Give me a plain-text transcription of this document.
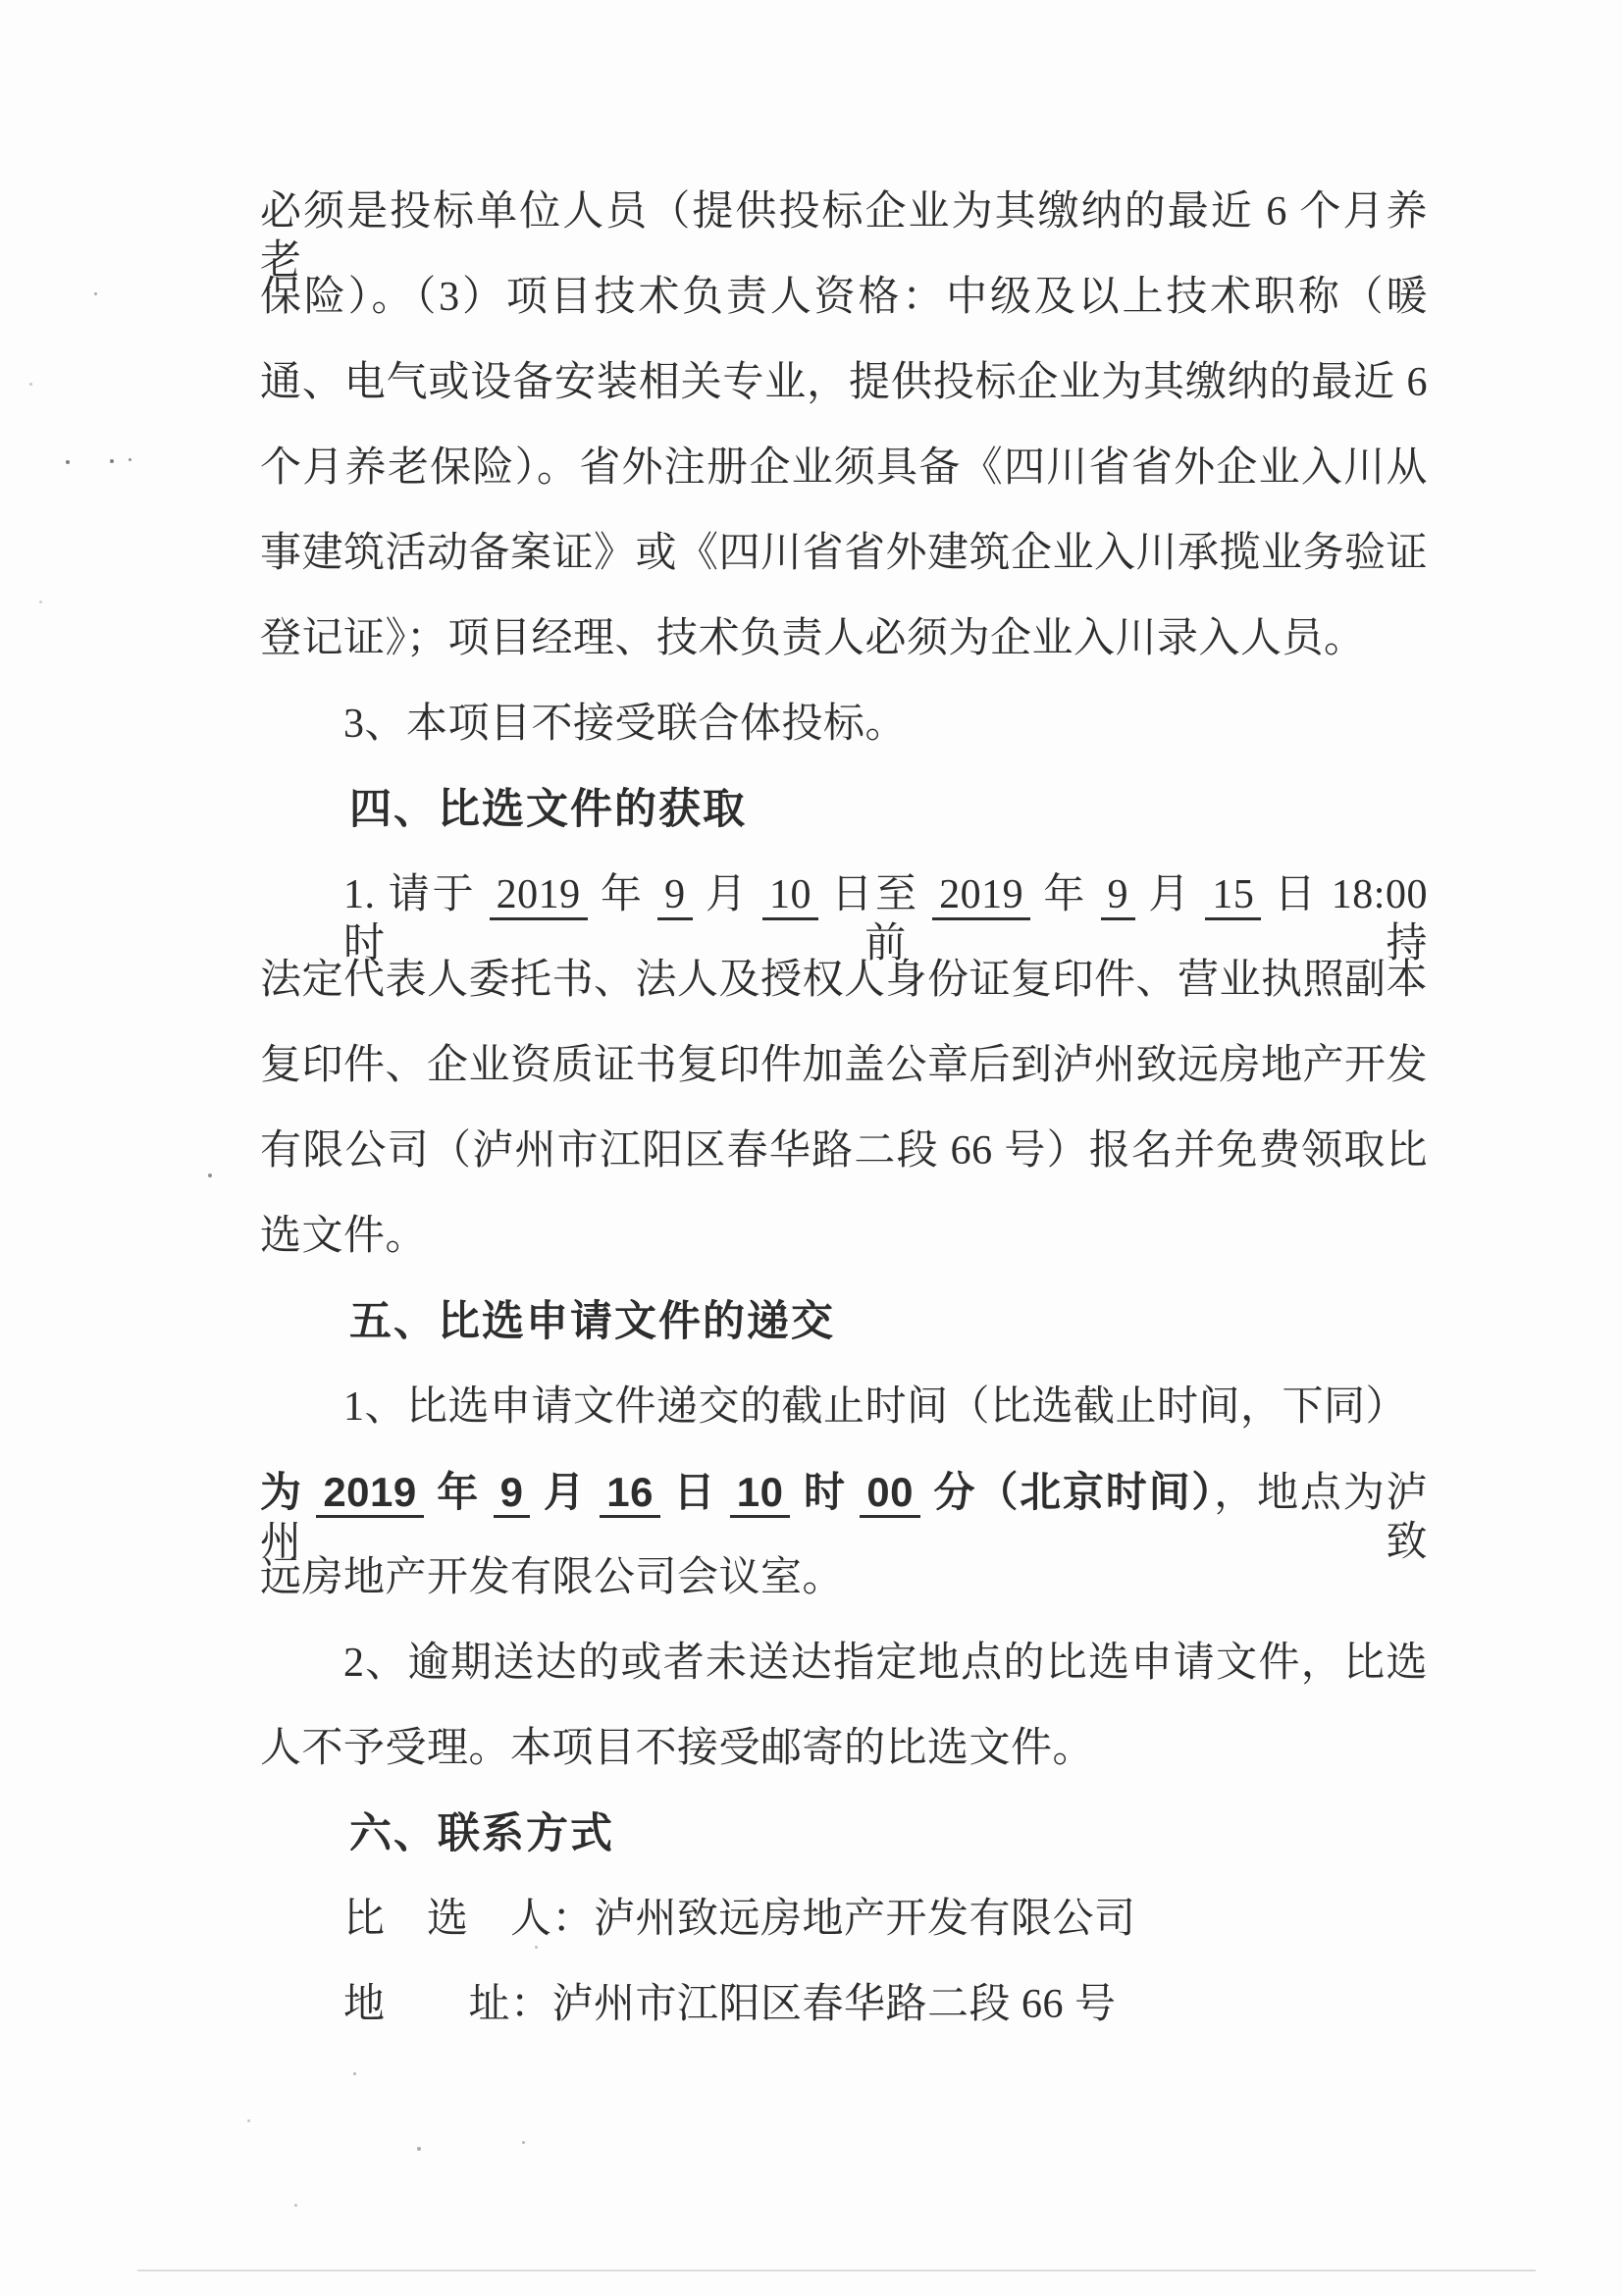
必须是投标单位人员（提供投标企业为其缴纳的最近 6 个月养老
保险）。（3）项目技术负责人资格：中级及以上技术职称（暖
通、电气或设备安装相关专业，提供投标企业为其缴纳的最近 6
个月养老保险）。省外注册企业须具备《四川省省外企业入川从
事建筑活动备案证》或《四川省省外建筑企业入川承揽业务验证
登记证》；项目经理、技术负责人必须为企业入川录入人员。
3、本项目不接受联合体投标。
四、比选文件的获取
1. 请于 2019 年 9 月 10 日至 2019 年 9 月 15 日 18:00 时前持
法定代表人委托书、法人及授权人身份证复印件、营业执照副本
复印件、企业资质证书复印件加盖公章后到泸州致远房地产开发
有限公司（泸州市江阳区春华路二段 66 号）报名并免费领取比
选文件。
五、比选申请文件的递交
1、比选申请文件递交的截止时间（比选截止时间，下同）
为 2019 年 9 月 16 日 10 时 00 分（北京时间），地点为泸州致
远房地产开发有限公司会议室。
2、逾期送达的或者未送达指定地点的比选申请文件，比选
人不予受理。本项目不接受邮寄的比选文件。
六、联系方式
比　选　人：泸州致远房地产开发有限公司
地　　址：泸州市江阳区春华路二段 66 号
